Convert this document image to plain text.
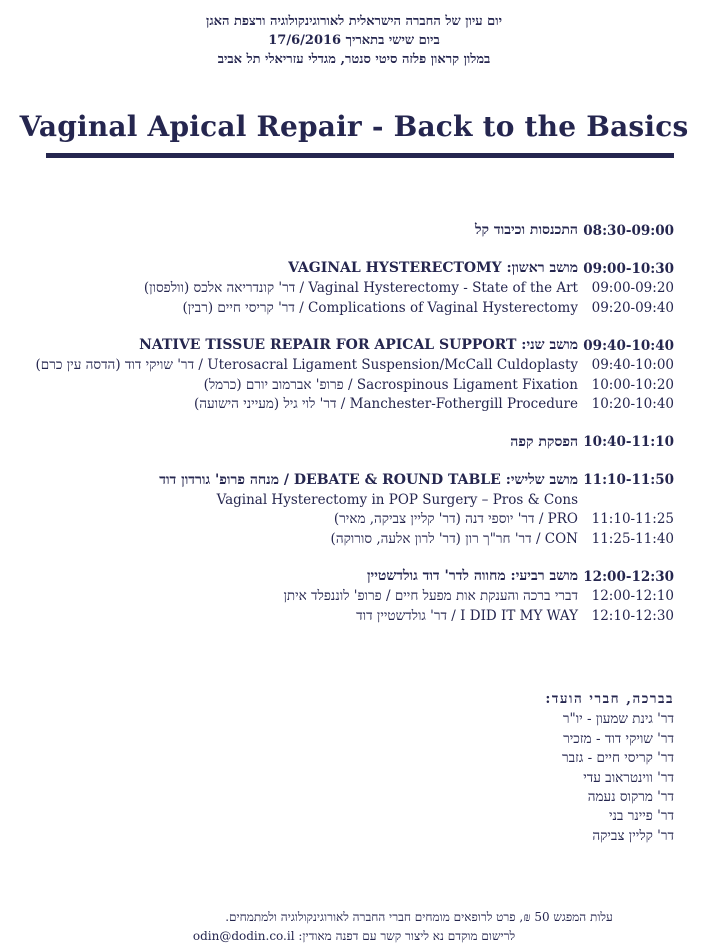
יום עיון של החברה הישראלית לאורוגינקולוגיה ורצפת האגן
ביום שישי בתאריך 17/6/2016
במלון קראון פלזה סיטי סנטר, מגדלי עזריאלי תל אביב
Vaginal Apical Repair - Back to the Basics
08:30-09:00
התכנסות וכיבוד קל
09:00-10:30
מושב ראשון: VAGINAL HYSTERECTOMY
09:00-09:20
Vaginal Hysterectomy - State of the Art / דר' קונדריאה אלכס (וולפסון)
09:20-09:40
Complications of Vaginal Hysterectomy / דר' קריסי חיים (רבין)
09:40-10:40
מושב שני: NATIVE TISSUE REPAIR FOR APICAL SUPPORT
09:40-10:00
Uterosacral Ligament Suspension/McCall Culdoplasty / דר' שויקי דוד (הדסה עין כרם)
10:00-10:20
Sacrospinous Ligament Fixation / פרופ' אברמוב יורם (כרמל)
10:20-10:40
Manchester-Fothergill Procedure / דר' לוי גיל (מעייני הישועה)
10:40-11:10
הפסקת קפה
11:10-11:50
מושב שלישי: DEBATE & ROUND TABLE / מנחה פרופ' גורדון דוד
Vaginal Hysterectomy in POP Surgery – Pros & Cons
11:10-11:25
PRO / דר' יוספי דנה (דר' קליין צביקה, מאיר)
11:25-11:40
CON / דר' חר"ך רון (דר' לרון אלעה, סורוקה)
12:00-12:30
מושב רביעי: מחווה לדר' דוד גולדשטיין
12:00-12:10
דברי ברכה והענקת אות מפעל חיים / פרופ' לוננפלד איתן
12:10-12:30
I DID IT MY WAY / דר' גולדשטיין דוד
בברכה, חברי הועד:
דר' גינת שמעון - יו"ר
דר' שויקי דוד - מזכיר
דר' קריסי חיים - גזבר
דר' ווינטראוב עדי
דר' מרקוס נעמה
דר' פיינר בני
דר' קליין צביקה
עלות המפגש 50 ₪, פרט לרופאים מומחים חברי החברה לאורוגינקולוגיה ולמתמחים.
לרישום מוקדם נא ליצור קשר עם דפנה מאודין: odin@dodin.co.il
